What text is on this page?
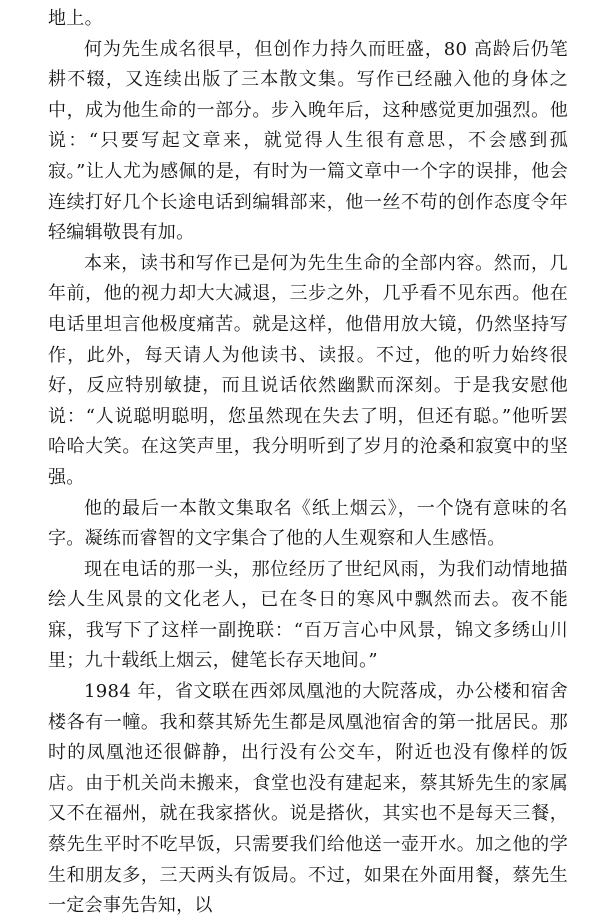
地上。

何为先生成名很早，但创作力持久而旺盛，80 高龄后仍笔耕不辍，又连续出版了三本散文集。写作已经融入他的身体之中，成为他生命的一部分。步入晚年后，这种感觉更加强烈。他说：“只要写起文章来，就觉得人生很有意思，不会感到孤寂。”让人尤为感佩的是，有时为一篇文章中一个字的误排，他会连续打好几个长途电话到编辑部来，他一丝不苟的创作态度令年轻编辑敬畏有加。

本来，读书和写作已是何为先生生命的全部内容。然而，几年前，他的视力却大大减退，三步之外，几乎看不见东西。他在电话里坦言他极度痛苦。就是这样，他借用放大镜，仍然坚持写作，此外，每天请人为他读书、读报。不过，他的听力始终很好，反应特别敏捷，而且说话依然幽默而深刻。于是我安慰他说：“人说聪明聪明，您虽然现在失去了明，但还有聪。”他听罢哈哈大笑。在这笑声里，我分明听到了岁月的沧桑和寂寞中的坚强。

他的最后一本散文集取名《纸上烟云》，一个饶有意味的名字。凝练而睿智的文字集合了他的人生观察和人生感悟。

现在电话的那一头，那位经历了世纪风雨，为我们动情地描绘人生风景的文化老人，已在冬日的寒风中飘然而去。夜不能寐，我写下了这样一副挽联：“百万言心中风景，锦文多绣山川里；九十载纸上烟云，健笔长存天地间。”

1984 年，省文联在西郊凤凰池的大院落成，办公楼和宿舍楼各有一幢。我和蔡其矫先生都是凤凰池宿舍的第一批居民。那时的凤凰池还很僻静，出行没有公交车，附近也没有像样的饭店。由于机关尚未搬来，食堂也没有建起来，蔡其矫先生的家属又不在福州，就在我家搭伙。说是搭伙，其实也不是每天三餐，蔡先生平时不吃早饭，只需要我们给他送一壶开水。加之他的学生和朋友多，三天两头有饭局。不过，如果在外面用餐，蔡先生一定会事先告知，以
